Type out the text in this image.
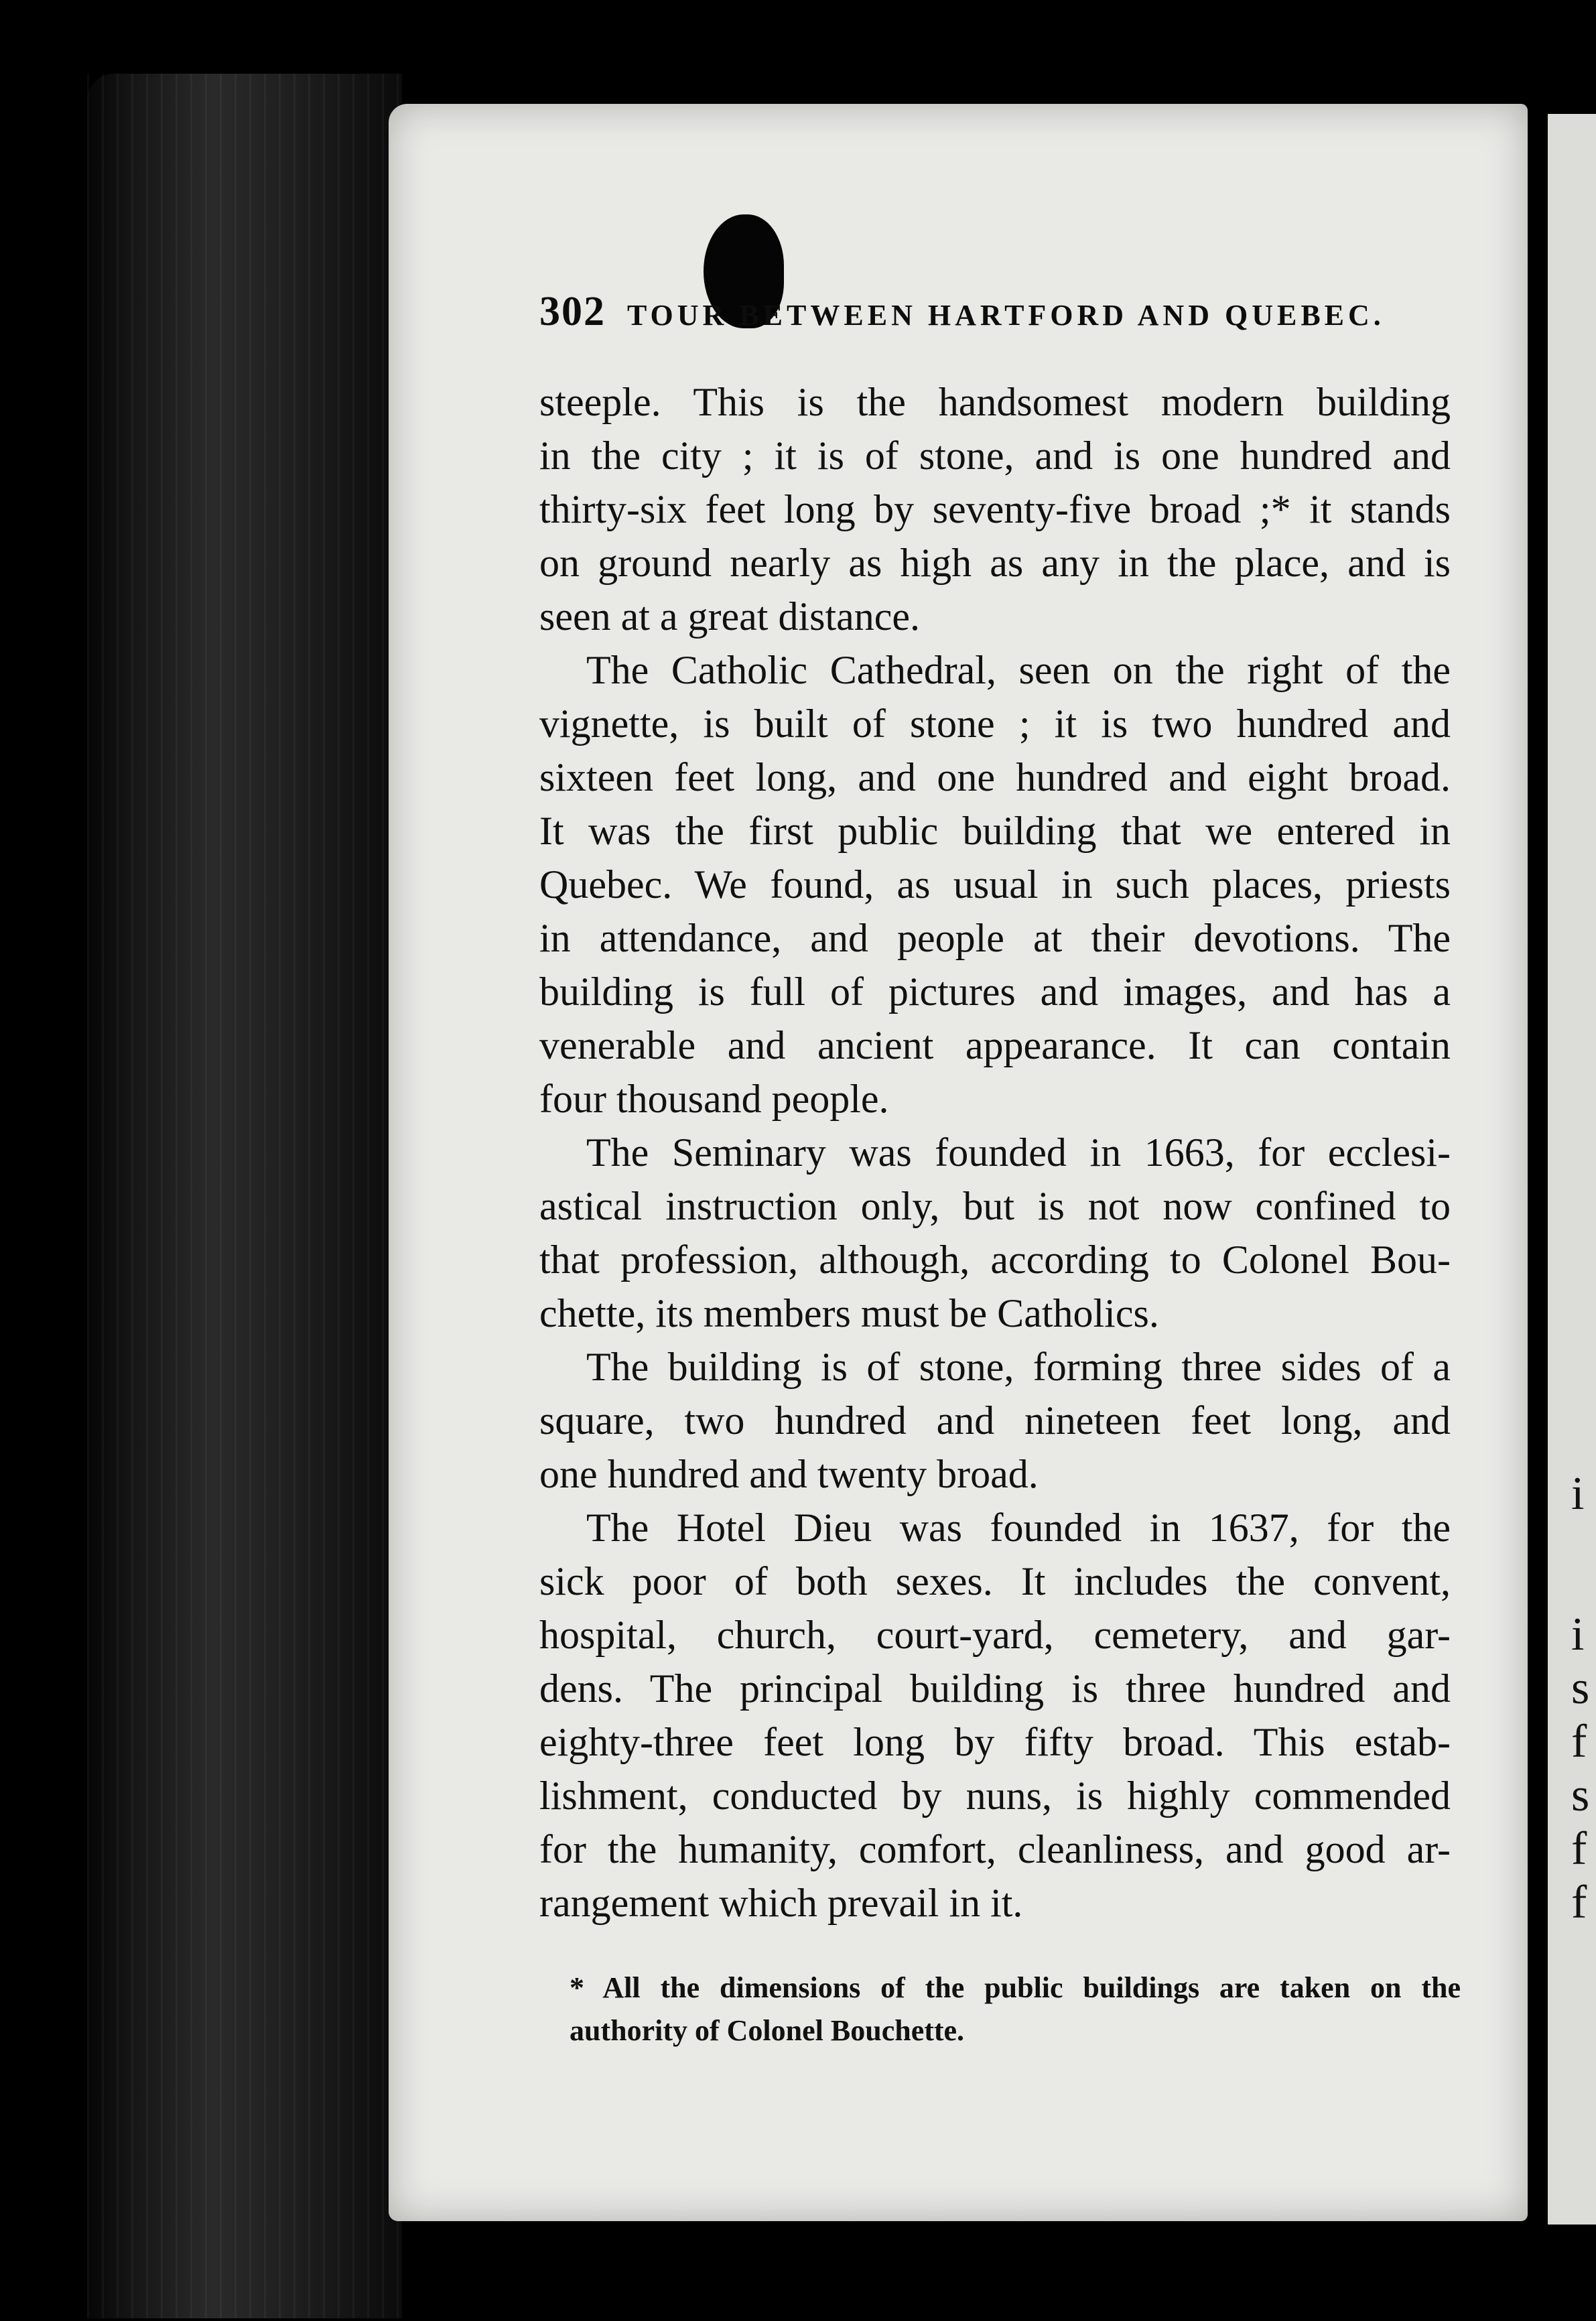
i
i
s
f
s
f
f
302 TOUR BETWEEN HARTFORD AND QUEBEC.
steeple. This is the handsomest modern building
in the city ; it is of stone, and is one hundred and
thirty-six feet long by seventy-five broad ;* it stands
on ground nearly as high as any in the place, and is
seen at a great distance.
The Catholic Cathedral, seen on the right of the
vignette, is built of stone ; it is two hundred and
sixteen feet long, and one hundred and eight broad.
It was the first public building that we entered in
Quebec. We found, as usual in such places, priests
in attendance, and people at their devotions. The
building is full of pictures and images, and has a
venerable and ancient appearance. It can contain
four thousand people.
The Seminary was founded in 1663, for ecclesi-
astical instruction only, but is not now confined to
that profession, although, according to Colonel Bou-
chette, its members must be Catholics.
The building is of stone, forming three sides of a
square, two hundred and nineteen feet long, and
one hundred and twenty broad.
The Hotel Dieu was founded in 1637, for the
sick poor of both sexes. It includes the convent,
hospital, church, court-yard, cemetery, and gar-
dens. The principal building is three hundred and
eighty-three feet long by fifty broad. This estab-
lishment, conducted by nuns, is highly commended
for the humanity, comfort, cleanliness, and good ar-
rangement which prevail in it.
* All the dimensions of the public buildings are taken on the
authority of Colonel Bouchette.
